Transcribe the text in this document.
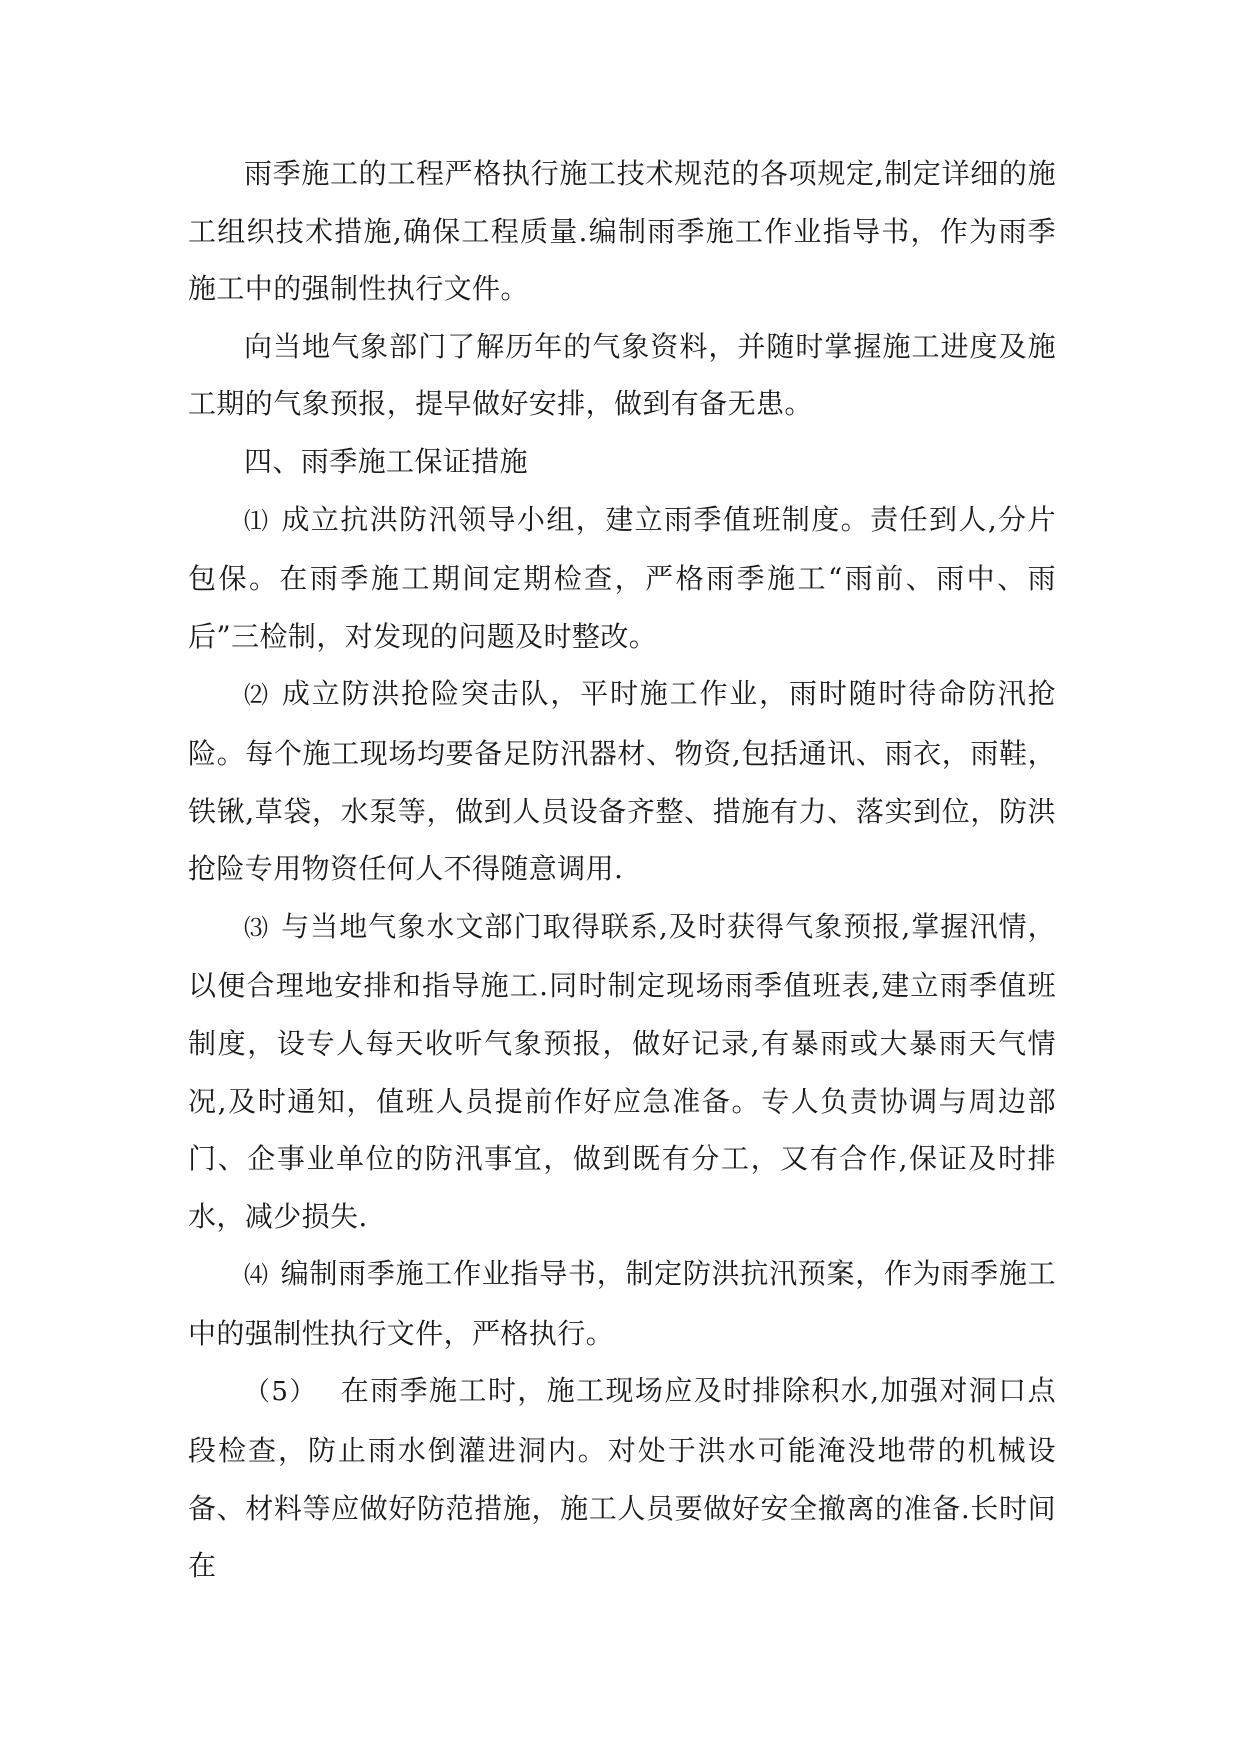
雨季施工的工程严格执行施工技术规范的各项规定,制定详细的施工组织技术措施,确保工程质量.编制雨季施工作业指导书，作为雨季施工中的强制性执行文件。

向当地气象部门了解历年的气象资料，并随时掌握施工进度及施工期的气象预报，提早做好安排，做到有备无患。

四、雨季施工保证措施

⑴ 成立抗洪防汛领导小组，建立雨季值班制度。责任到人,分片包保。在雨季施工期间定期检查，严格雨季施工“雨前、雨中、雨后”三检制，对发现的问题及时整改。

⑵ 成立防洪抢险突击队，平时施工作业，雨时随时待命防汛抢险。每个施工现场均要备足防汛器材、物资,包括通讯、雨衣，雨鞋，铁锹,草袋，水泵等，做到人员设备齐整、措施有力、落实到位，防洪抢险专用物资任何人不得随意调用.

⑶ 与当地气象水文部门取得联系,及时获得气象预报,掌握汛情，以便合理地安排和指导施工.同时制定现场雨季值班表,建立雨季值班制度，设专人每天收听气象预报，做好记录,有暴雨或大暴雨天气情况,及时通知，值班人员提前作好应急准备。专人负责协调与周边部门、企事业单位的防汛事宜，做到既有分工，又有合作,保证及时排水，减少损失.

⑷ 编制雨季施工作业指导书，制定防洪抗汛预案，作为雨季施工中的强制性执行文件，严格执行。

（5） 在雨季施工时，施工现场应及时排除积水,加强对洞口点段检查，防止雨水倒灌进洞内。对处于洪水可能淹没地带的机械设备、材料等应做好防范措施，施工人员要做好安全撤离的准备.长时间在
